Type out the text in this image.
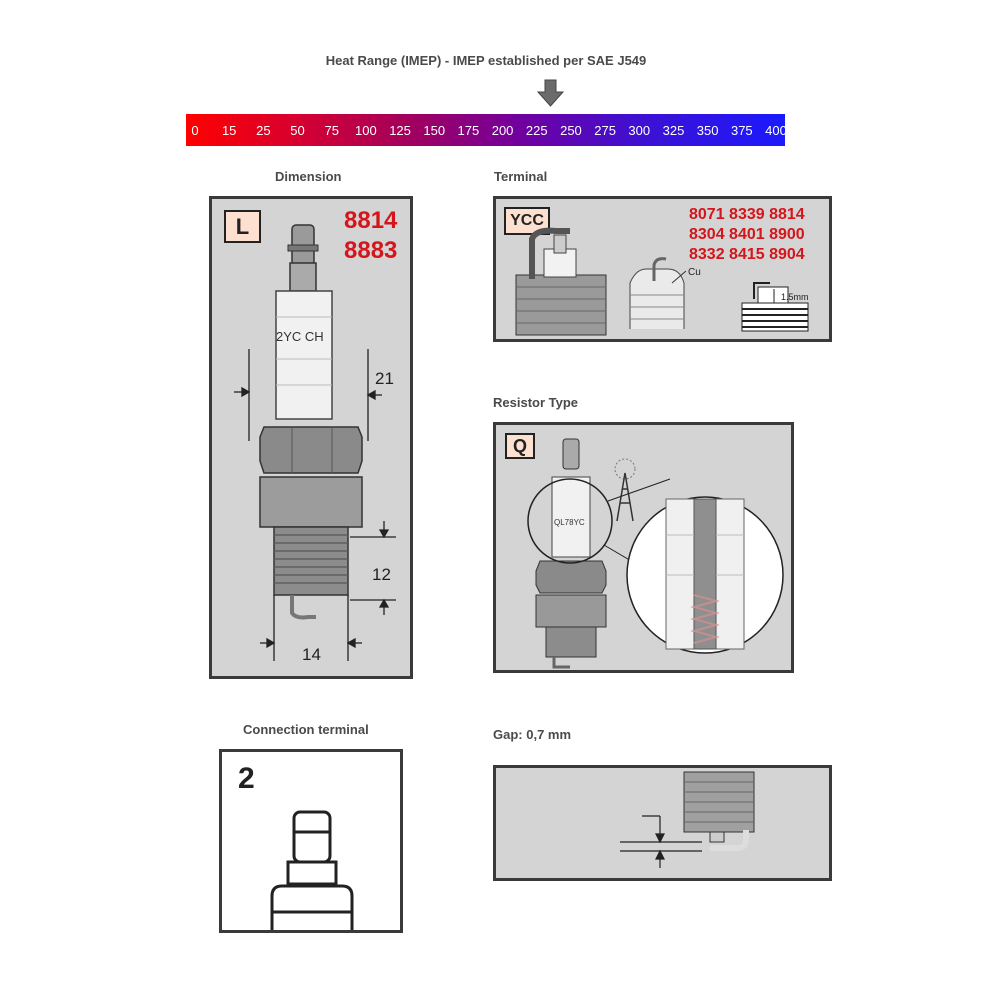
Heat Range (IMEP) - IMEP established per SAE J549
0 15 25 50 75 100 125 150 175 200 225 250 275 300 325 350 375 400
Dimension
L	8814
8883
2YC CH
21
12
14
Terminal
YCC	8071 8339 8814
8304 8401 8900
8332 8415 8904
Cu
1.5mm
Resistor Type
Q
QL78YC
Connection terminal
2
Gap: 0,7 mm
